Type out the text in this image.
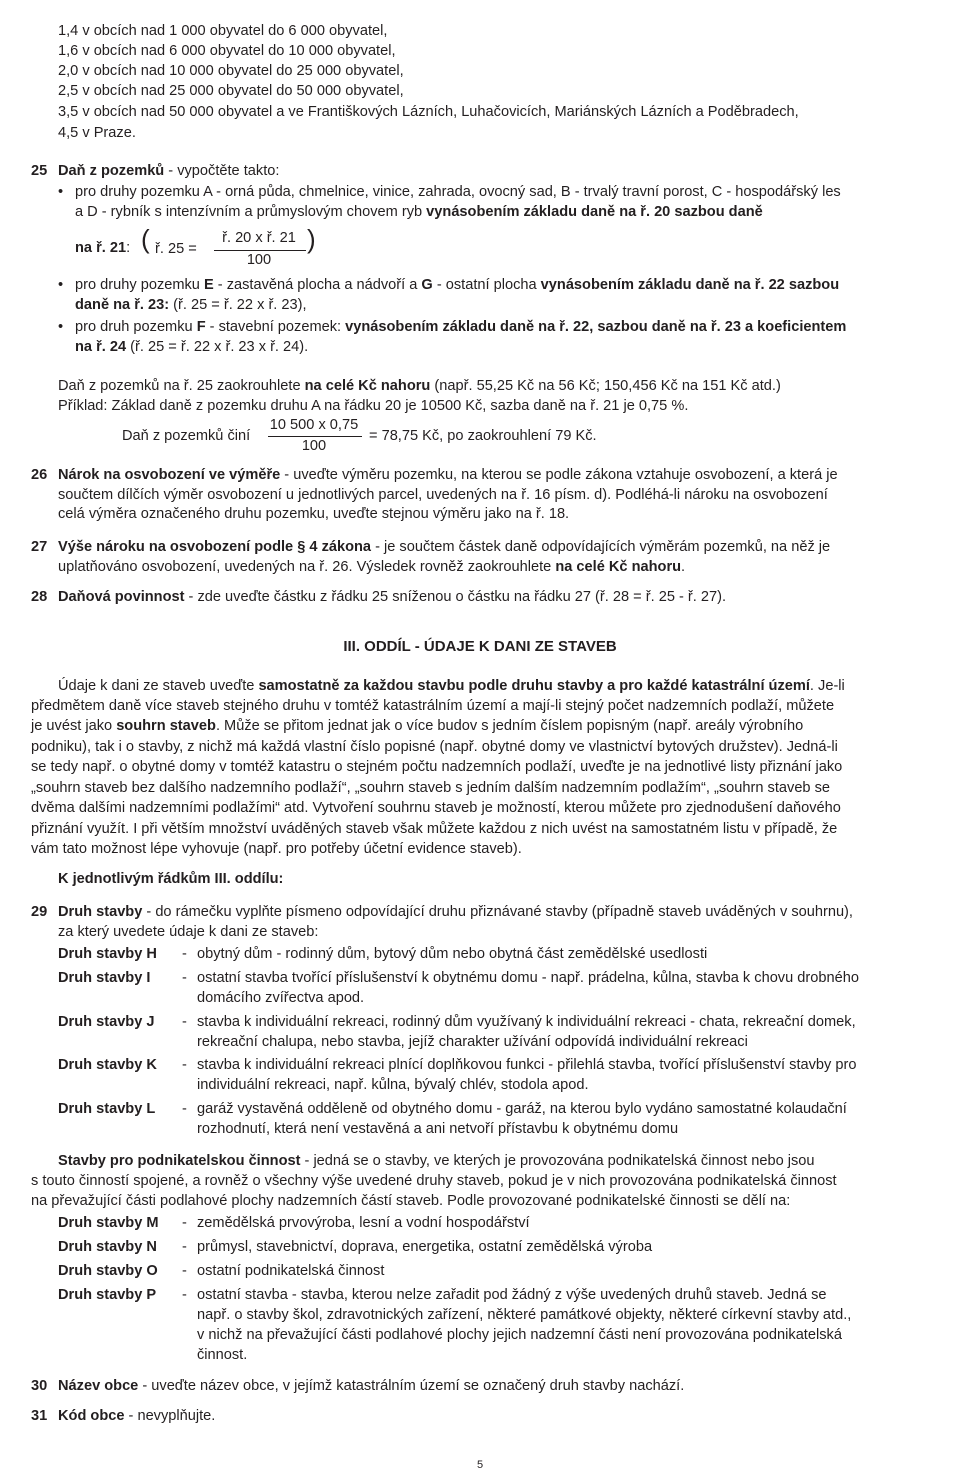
1,4 v obcích nad 1 000 obyvatel do 6 000 obyvatel,
1,6 v obcích nad 6 000 obyvatel do 10 000 obyvatel,
2,0 v obcích nad 10 000 obyvatel do 25 000 obyvatel,
2,5 v obcích nad 25 000 obyvatel do 50 000 obyvatel,
3,5 v obcích nad 50 000 obyvatel a ve Františkových Lázních, Luhačovicích, Mariánských Lázních a Poděbradech,
4,5 v Praze.
25 Daň z pozemků - vypočtěte takto:
• pro druhy pozemku A - orná půda, chmelnice, vinice, zahrada, ovocný sad, B - trvalý travní porost, C - hospodářský les
a D - rybník s intenzívním a průmyslovým chovem ryb vynásobením základu daně na ř. 20 sazbou daně
na ř. 21: ( ř. 25 =
ř. 20 x ř. 21
100
)
• pro druhy pozemku E - zastavěná plocha a nádvoří a G - ostatní plocha vynásobením základu daně na ř. 22 sazbou
daně na ř. 23: (ř. 25 = ř. 22 x ř. 23),
• pro druh pozemku F - stavební pozemek: vynásobením základu daně na ř. 22, sazbou daně na ř. 23 a koeficientem
na ř. 24 (ř. 25 = ř. 22 x ř. 23 x ř. 24).
Daň z pozemků na ř. 25 zaokrouhlete na celé Kč nahoru (např. 55,25 Kč na 56 Kč; 150,456 Kč na 151 Kč atd.)
Příklad: Základ daně z pozemku druhu A na řádku 20 je 10500 Kč, sazba daně na ř. 21 je 0,75 %.
Daň z pozemků činí
10 500 x 0,75
100
= 78,75 Kč, po zaokrouhlení 79 Kč.
26 Nárok na osvobození ve výměře - uveďte výměru pozemku, na kterou se podle zákona vztahuje osvobození, a která je
součtem dílčích výměr osvobození u jednotlivých parcel, uvedených na ř. 16 písm. d). Podléhá-li nároku na osvobození
celá výměra označeného druhu pozemku, uveďte stejnou výměru jako na ř. 18.
27 Výše nároku na osvobození podle § 4 zákona - je součtem částek daně odpovídajících výměrám pozemků, na něž je
uplatňováno osvobození, uvedených na ř. 26. Výsledek rovněž zaokrouhlete na celé Kč nahoru.
28 Daňová povinnost - zde uveďte částku z řádku 25 sníženou o částku na řádku 27 (ř. 28 = ř. 25 - ř. 27).
III. ODDÍL - ÚDAJE K DANI ZE STAVEB
Údaje k dani ze staveb uveďte samostatně za každou stavbu podle druhu stavby a pro každé katastrální území. Je-li
předmětem daně více staveb stejného druhu v tomtéž katastrálním území a mají-li stejný počet nadzemních podlaží, můžete
je uvést jako souhrn staveb. Může se přitom jednat jak o více budov s jedním číslem popisným (např. areály výrobního
podniku), tak i o stavby, z nichž má každá vlastní číslo popisné (např. obytné domy ve vlastnictví bytových družstev). Jedná-li
se tedy např. o obytné domy v tomtéž katastru o stejném počtu nadzemních podlaží, uveďte je na jednotlivé listy přiznání jako
„souhrn staveb bez dalšího nadzemního podlaží“, „souhrn staveb s jedním dalším nadzemním podlažím“, „souhrn staveb se
dvěma dalšími nadzemními podlažími“ atd. Vytvoření souhrnu staveb je možností, kterou můžete pro zjednodušení daňového
přiznání využít. I při větším množství uváděných staveb však můžete každou z nich uvést na samostatném listu v případě, že
vám tato možnost lépe vyhovuje (např. pro potřeby účetní evidence staveb).
K jednotlivým řádkům III. oddílu:
29 Druh stavby - do rámečku vyplňte písmeno odpovídající druhu přiznávané stavby (případně staveb uváděných v souhrnu),
za který uvedete údaje k dani ze staveb:
Druh stavby H	- obytný dům - rodinný dům, bytový dům nebo obytná část zemědělské usedlosti
Druh stavby I	- ostatní stavba tvořící příslušenství k obytnému domu - např. prádelna, kůlna, stavba k chovu drobného
domácího zvířectva apod.
Druh stavby J	- stavba k individuální rekreaci, rodinný dům využívaný k individuální rekreaci - chata, rekreační domek,
rekreační chalupa, nebo stavba, jejíž charakter užívání odpovídá individuální rekreaci
Druh stavby K	- stavba k individuální rekreaci plnící doplňkovou funkci - přilehlá stavba, tvořící příslušenství stavby pro
individuální rekreaci, např. kůlna, bývalý chlév, stodola apod.
Druh stavby L	- garáž vystavěná odděleně od obytného domu - garáž, na kterou bylo vydáno samostatné kolaudační
rozhodnutí, která není vestavěná a ani netvoří přístavbu k obytnému domu
Stavby pro podnikatelskou činnost - jedná se o stavby, ve kterých je provozována podnikatelská činnost nebo jsou
s touto činností spojené, a rovněž o všechny výše uvedené druhy staveb, pokud je v nich provozována podnikatelská činnost
na převažující části podlahové plochy nadzemních částí staveb. Podle provozované podnikatelské činnosti se dělí na:
Druh stavby M	- zemědělská prvovýroba, lesní a vodní hospodářství
Druh stavby N	- průmysl, stavebnictví, doprava, energetika, ostatní zemědělská výroba
Druh stavby O	- ostatní podnikatelská činnost
Druh stavby P	- ostatní stavba - stavba, kterou nelze zařadit pod žádný z výše uvedených druhů staveb. Jedná se
např. o stavby škol, zdravotnických zařízení, některé památkové objekty, některé církevní stavby atd.,
v nichž na převažující části podlahové plochy jejich nadzemní části není provozována podnikatelská
činnost.
30 Název obce - uveďte název obce, v jejímž katastrálním území se označený druh stavby nachází.
31 Kód obce - nevyplňujte.
5
